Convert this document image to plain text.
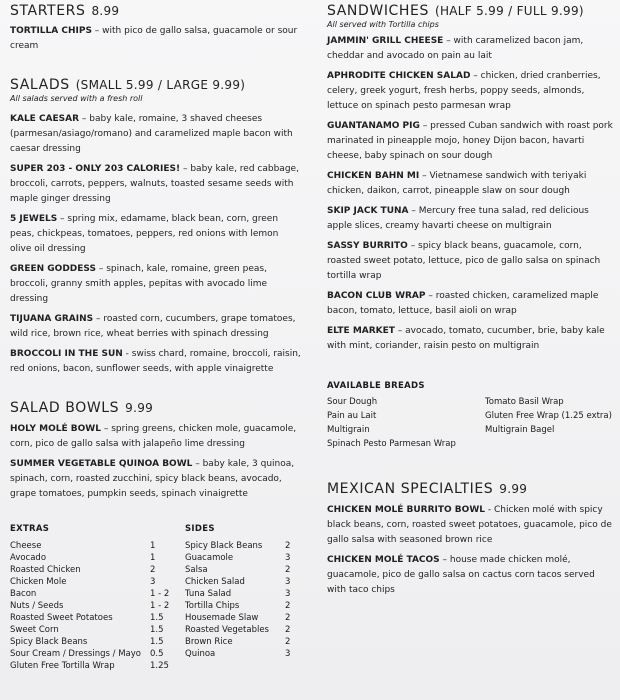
STARTERS 8.99

TORTILLA CHIPS – with pico de gallo salsa, guacamole or sour cream

SALADS (SMALL 5.99 / LARGE 9.99)

All salads served with a fresh roll

KALE CAESAR – baby kale, romaine, 3 shaved cheeses (parmesan/asiago/romano) and caramelized maple bacon with caesar dressing

SUPER 203 - ONLY 203 CALORIES! – baby kale, red cabbage, broccoli, carrots, peppers, walnuts, toasted sesame seeds with maple ginger dressing

5 JEWELS – spring mix, edamame, black bean, corn, green peas, chickpeas, tomatoes, peppers, red onions with lemon olive oil dressing

GREEN GODDESS – spinach, kale, romaine, green peas, broccoli, granny smith apples, pepitas with avocado lime dressing

TIJUANA GRAINS – roasted corn, cucumbers, grape tomatoes, wild rice, brown rice, wheat berries with spinach dressing

BROCCOLI IN THE SUN - swiss chard, romaine, broccoli, raisin, red onions, bacon, sunflower seeds, with apple vinaigrette

SALAD BOWLS 9.99

HOLY MOLÉ BOWL – spring greens, chicken mole, guacamole, corn, pico de gallo salsa with jalapeño lime dressing

SUMMER VEGETABLE QUINOA BOWL – baby kale, 3 quinoa, spinach, corn, roasted zucchini, spicy black beans, avocado, grape tomatoes, pumpkin seeds, spinach vinaigrette

EXTRAS

Cheese	1
Avocado	1
Roasted Chicken	2
Chicken Mole	3
Bacon	1 - 2
Nuts / Seeds	1 - 2
Roasted Sweet Potatoes	1.5
Sweet Corn	1.5
Spicy Black Beans	1.5
Sour Cream / Dressings / Mayo 0.5
Gluten Free Tortilla Wrap	1.25

SIDES

Spicy Black Beans	2
Guacamole	3
Salsa	2
Chicken Salad	3
Tuna Salad	3
Tortilla Chips	2
Housemade Slaw	2
Roasted Vegetables 2
Brown Rice	2
Quinoa	3
SANDWICHES (HALF 5.99 / FULL 9.99)

All served with Tortilla chips

JAMMIN' GRILL CHEESE – with caramelized bacon jam, cheddar and avocado on pain au lait

APHRODITE CHICKEN SALAD – chicken, dried cranberries, celery, greek yogurt, fresh herbs, poppy seeds, almonds, lettuce on spinach pesto parmesan wrap

GUANTANAMO PIG – pressed Cuban sandwich with roast pork marinated in pineapple mojo, honey Dijon bacon, havarti cheese, baby spinach on sour dough

CHICKEN BAHN MI – Vietnamese sandwich with teriyaki chicken, daikon, carrot, pineapple slaw on sour dough

SKIP JACK TUNA – Mercury free tuna salad, red delicious apple slices, creamy havarti cheese on multigrain

SASSY BURRITO – spicy black beans, guacamole, corn, roasted sweet potato, lettuce, pico de gallo salsa on spinach tortilla wrap

BACON CLUB WRAP – roasted chicken, caramelized maple bacon, tomato, lettuce, basil aioli on wrap

ELTE MARKET – avocado, tomato, cucumber, brie, baby kale with mint, coriander, raisin pesto on multigrain

AVAILABLE BREADS

Sour Dough
Pain au Lait
Multigrain
Spinach Pesto Parmesan Wrap
Tomato Basil Wrap
Gluten Free Wrap (1.25 extra)
Multigrain Bagel
MEXICAN SPECIALTIES 9.99

CHICKEN MOLÉ BURRITO BOWL - Chicken molé with spicy black beans, corn, roasted sweet potatoes, guacamole, pico de gallo salsa with seasoned brown rice

CHICKEN MOLÉ TACOS – house made chicken molé, guacamole, pico de gallo salsa on cactus corn tacos served with taco chips
